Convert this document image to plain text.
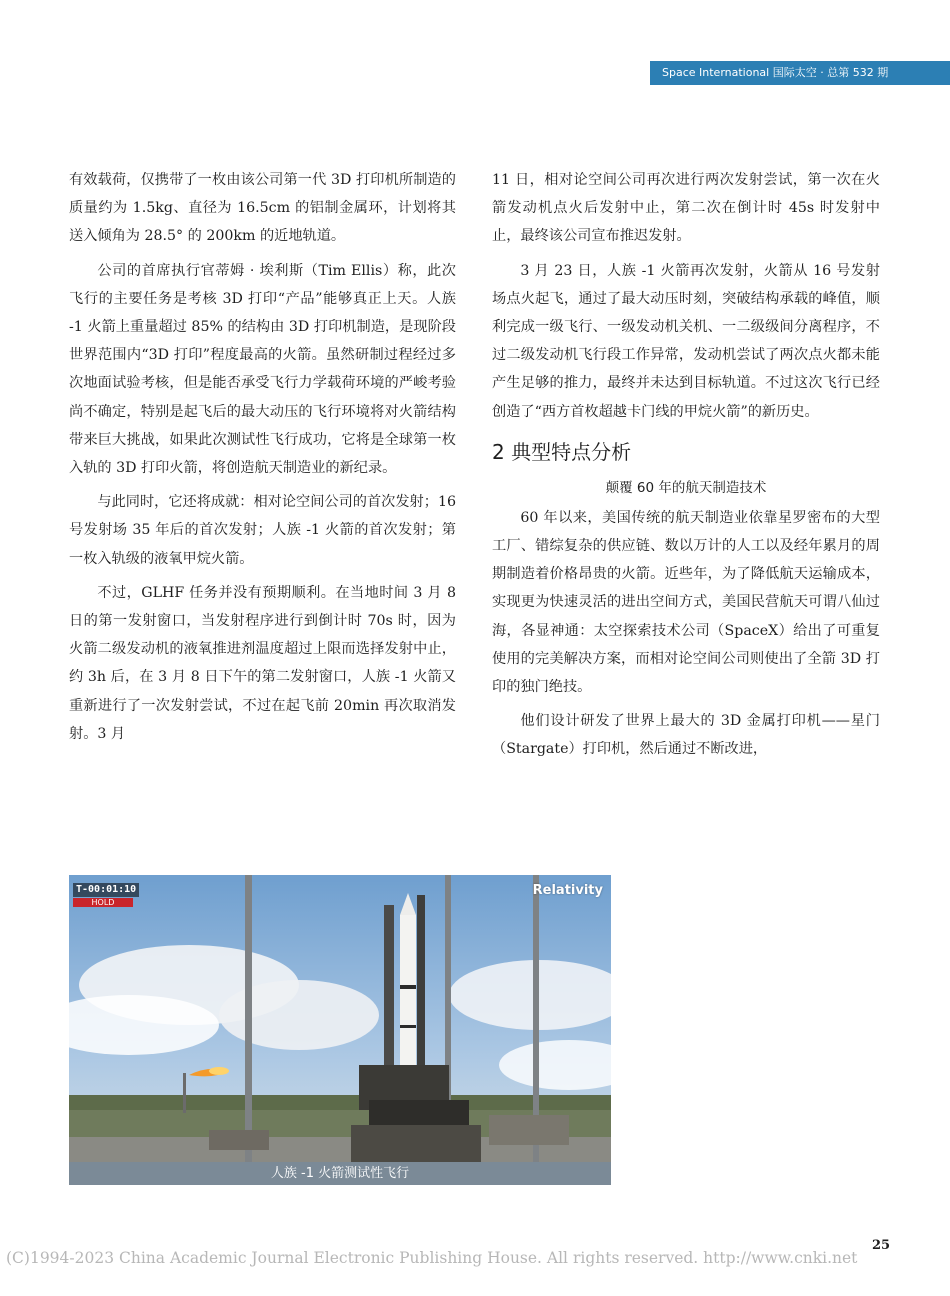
Space International 国际太空 · 总第 532 期

有效载荷，仅携带了一枚由该公司第一代 3D 打印机所制造的质量约为 1.5kg、直径为 16.5cm 的铝制金属环，计划将其送入倾角为 28.5° 的 200km 的近地轨道。

公司的首席执行官蒂姆 · 埃利斯（Tim Ellis）称，此次飞行的主要任务是考核 3D 打印“产品”能够真正上天。人族 -1 火箭上重量超过 85% 的结构由 3D 打印机制造，是现阶段世界范围内“3D 打印”程度最高的火箭。虽然研制过程经过多次地面试验考核，但是能否承受飞行力学载荷环境的严峻考验尚不确定，特别是起飞后的最大动压的飞行环境将对火箭结构带来巨大挑战，如果此次测试性飞行成功，它将是全球第一枚入轨的 3D 打印火箭，将创造航天制造业的新纪录。

与此同时，它还将成就：相对论空间公司的首次发射；16 号发射场 35 年后的首次发射；人族 -1 火箭的首次发射；第一枚入轨级的液氧甲烷火箭。

不过，GLHF 任务并没有预期顺利。在当地时间 3 月 8 日的第一发射窗口，当发射程序进行到倒计时 70s 时，因为火箭二级发动机的液氧推进剂温度超过上限而选择发射中止，约 3h 后，在 3 月 8 日下午的第二发射窗口，人族 -1 火箭又重新进行了一次发射尝试，不过在起飞前 20min 再次取消发射。3 月

11 日，相对论空间公司再次进行两次发射尝试，第一次在火箭发动机点火后发射中止，第二次在倒计时 45s 时发射中止，最终该公司宣布推迟发射。

3 月 23 日，人族 -1 火箭再次发射，火箭从 16 号发射场点火起飞，通过了最大动压时刻，突破结构承载的峰值，顺利完成一级飞行、一级发动机关机、一二级级间分离程序，不过二级发动机飞行段工作异常，发动机尝试了两次点火都未能产生足够的推力，最终并未达到目标轨道。不过这次飞行已经创造了“西方首枚超越卡门线的甲烷火箭”的新历史。

2 典型特点分析
颠覆 60 年的航天制造技术

60 年以来，美国传统的航天制造业依靠星罗密布的大型工厂、错综复杂的供应链、数以万计的人工以及经年累月的周期制造着价格昂贵的火箭。近些年，为了降低航天运输成本，实现更为快速灵活的进出空间方式，美国民营航天可谓八仙过海，各显神通：太空探索技术公司（SpaceX）给出了可重复使用的完美解决方案，而相对论空间公司则使出了全箭 3D 打印的独门绝技。

他们设计研发了世界上最大的 3D 金属打印机——星门（Stargate）打印机，然后通过不断改进，

T-00:01:10
HOLD
Relativity
人族 -1 火箭测试性飞行
25
(C)1994-2023 China Academic Journal Electronic Publishing House. All rights reserved. http://www.cnki.net
